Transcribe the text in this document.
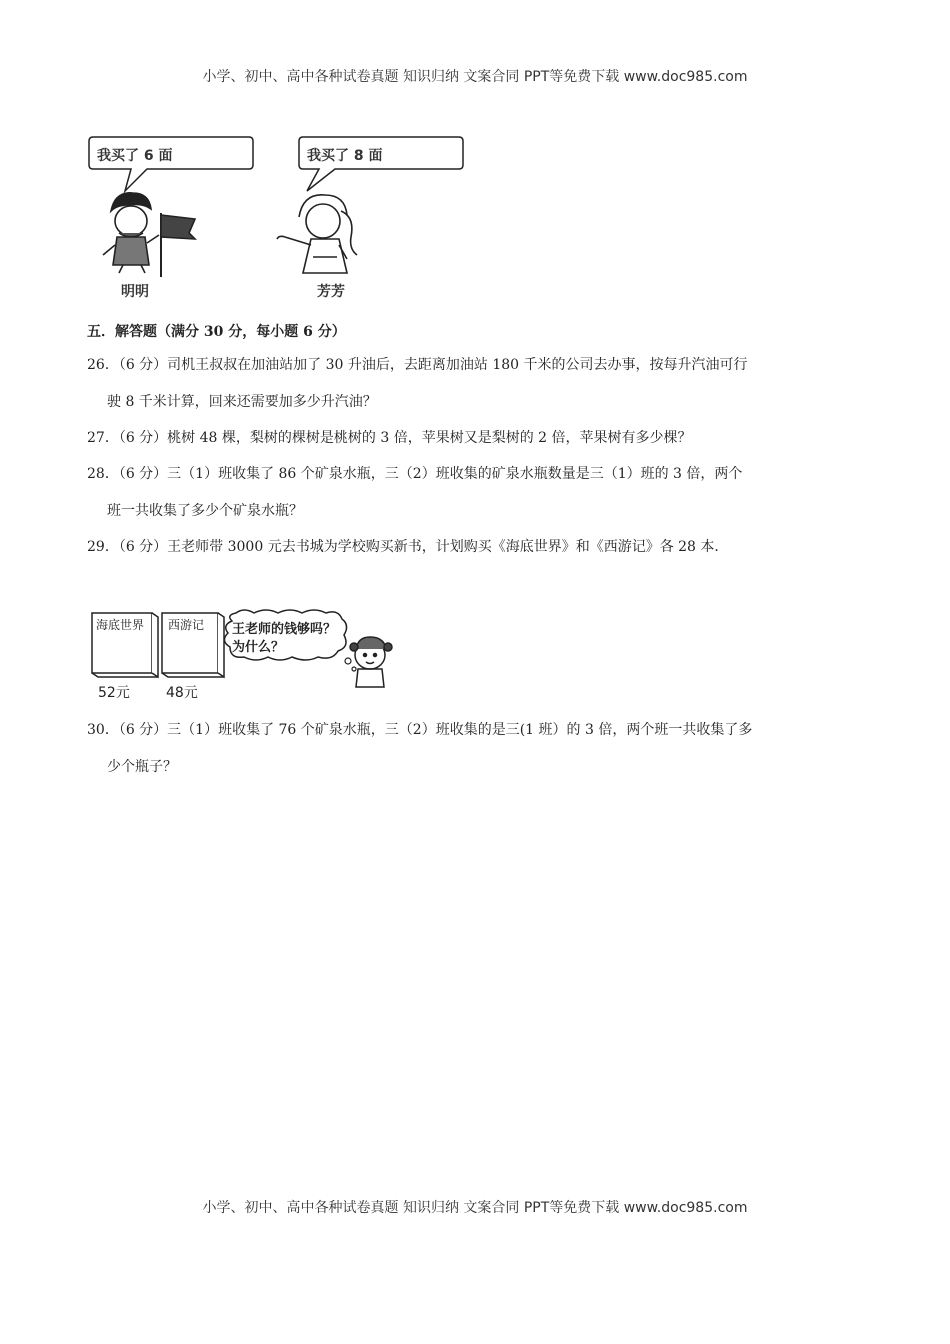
小学、初中、高中各种试卷真题 知识归纳 文案合同 PPT等免费下载 www.doc985.com
我买了 6 面	我买了 8 面
明明	芳芳
五．解答题（满分 30 分，每小题 6 分）
26．（6 分）司机王叔叔在加油站加了 30 升油后，去距离加油站 180 千米的公司去办事，按每升汽油可行
驶 8 千米计算，回来还需要加多少升汽油？
27．（6 分）桃树 48 棵，梨树的棵树是桃树的 3 倍，苹果树又是梨树的 2 倍，苹果树有多少棵？
28．（6 分）三（1）班收集了 86 个矿泉水瓶，三（2）班收集的矿泉水瓶数量是三（1）班的 3 倍，两个
班一共收集了多少个矿泉水瓶？
29．（6 分）王老师带 3000 元去书城为学校购买新书，计划购买《海底世界》和《西游记》各 28 本．
海底世界 西游记
52元	48元
王老师的钱够吗？
为什么？
30．（6 分）三（1）班收集了 76 个矿泉水瓶，三（2）班收集的是三(1 班）的 3 倍，两个班一共收集了多
少个瓶子？
小学、初中、高中各种试卷真题 知识归纳 文案合同 PPT等免费下载 www.doc985.com
